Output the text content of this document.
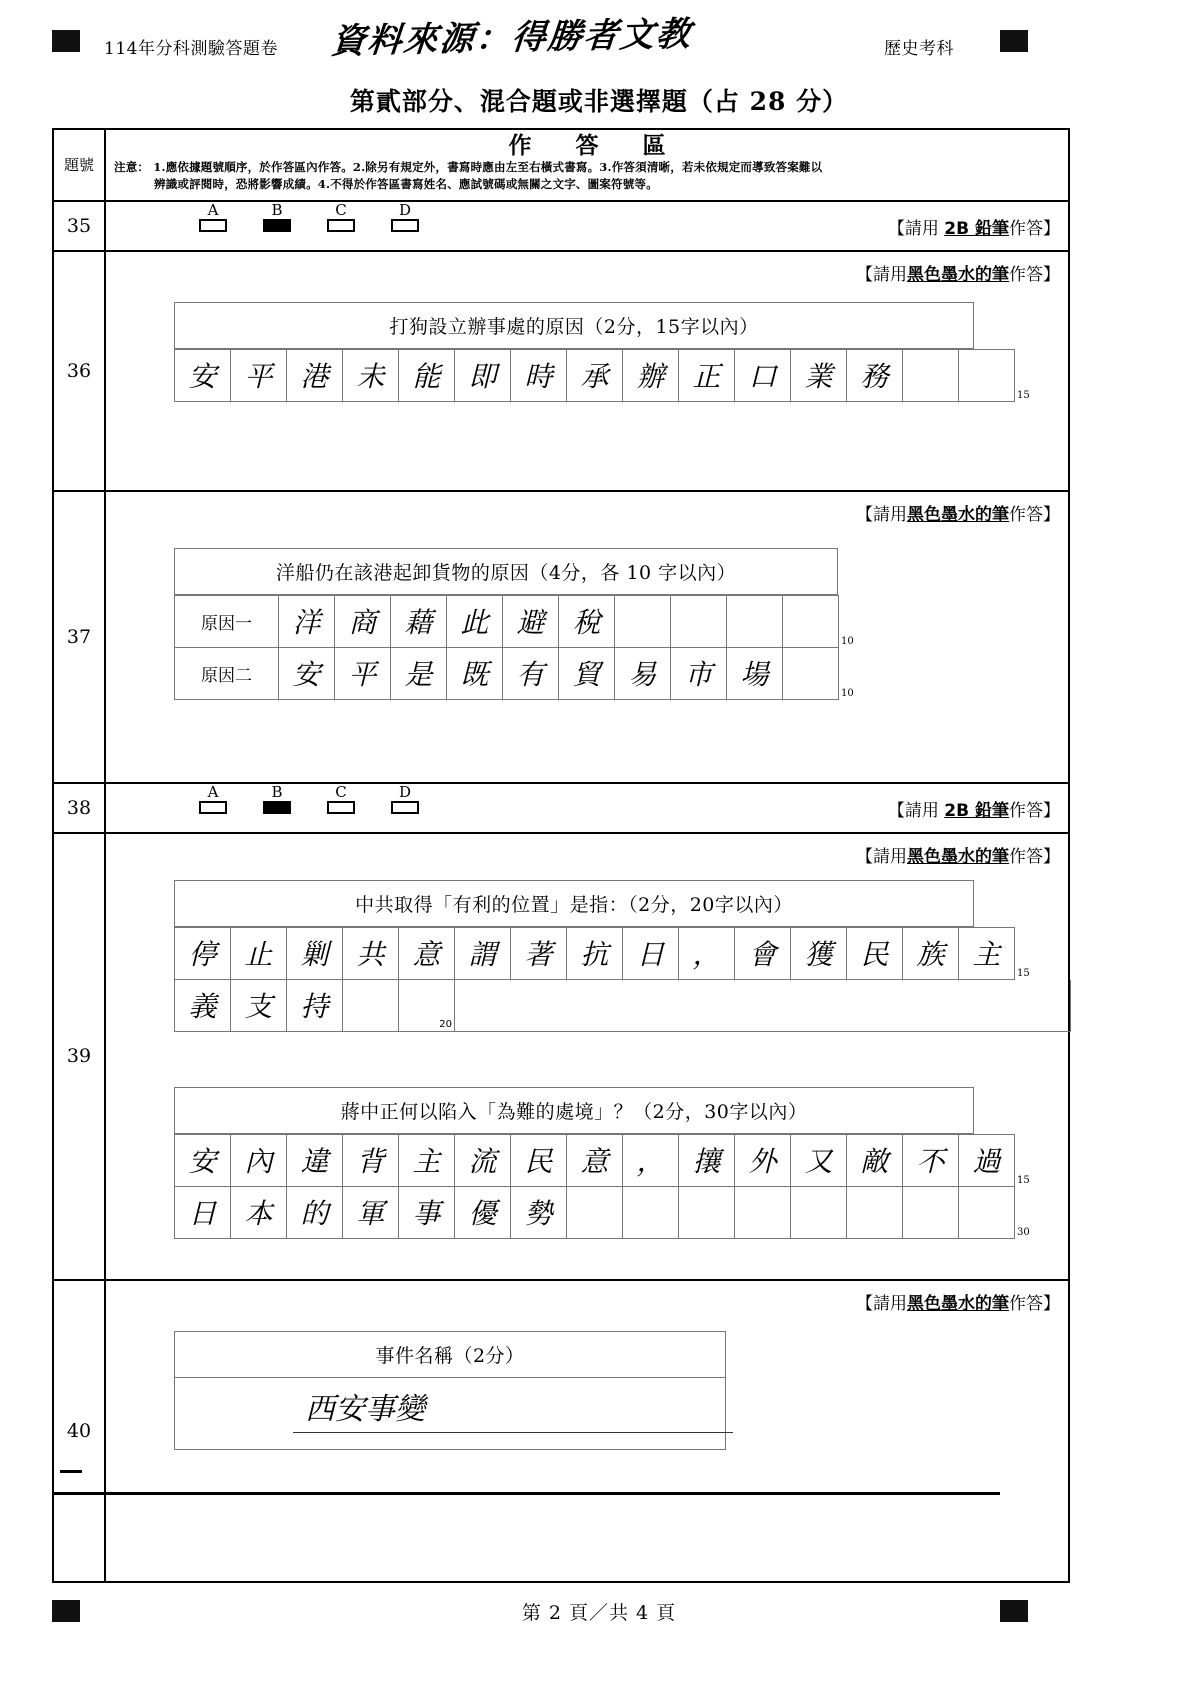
114年分科測驗答題卷 資料來源：得勝者文教	歷史考科
第貳部分、混合題或非選擇題（占 28 分）
題號
作答區
注意： 1.應依據題號順序，於作答區內作答。2.除另有規定外，書寫時應由左至右橫式書寫。3.作答須清晰，若未依規定而導致答案難以
辨識或評閱時，恐將影響成績。4.不得於作答區書寫姓名、應試號碼或無關之文字、圖案符號等。
35
A	B	C	D
【請用 2B 鉛筆作答】
36
【請用黑色墨水的筆作答】
打狗設立辦事處的原因（2分，15字以內）
安 平 港 未 能 即 時 承 辦 正 口 業 務
15
37
【請用黑色墨水的筆作答】
洋船仍在該港起卸貨物的原因（4分，各 10 字以內）
原因一	洋 商 藉 此 避 稅
10
原因二	安 平 是 既 有 貿 易 市 場
10
38
A	B	C	D
【請用 2B 鉛筆作答】
39
【請用黑色墨水的筆作答】
中共取得「有利的位置」是指：（2分，20字以內）
停 止 剿 共 意 謂 著 抗 日 ， 會 獲 民 族 主
15
義 支 持
20
蔣中正何以陷入「為難的處境」？（2分，30字以內）
安 內 違 背 主 流 民 意 ， 攘 外 又 敵 不 過
15
日 本 的 軍 事 優 勢
30
40
【請用黑色墨水的筆作答】
事件名稱（2分）
西安事變
第 2 頁／共 4 頁
